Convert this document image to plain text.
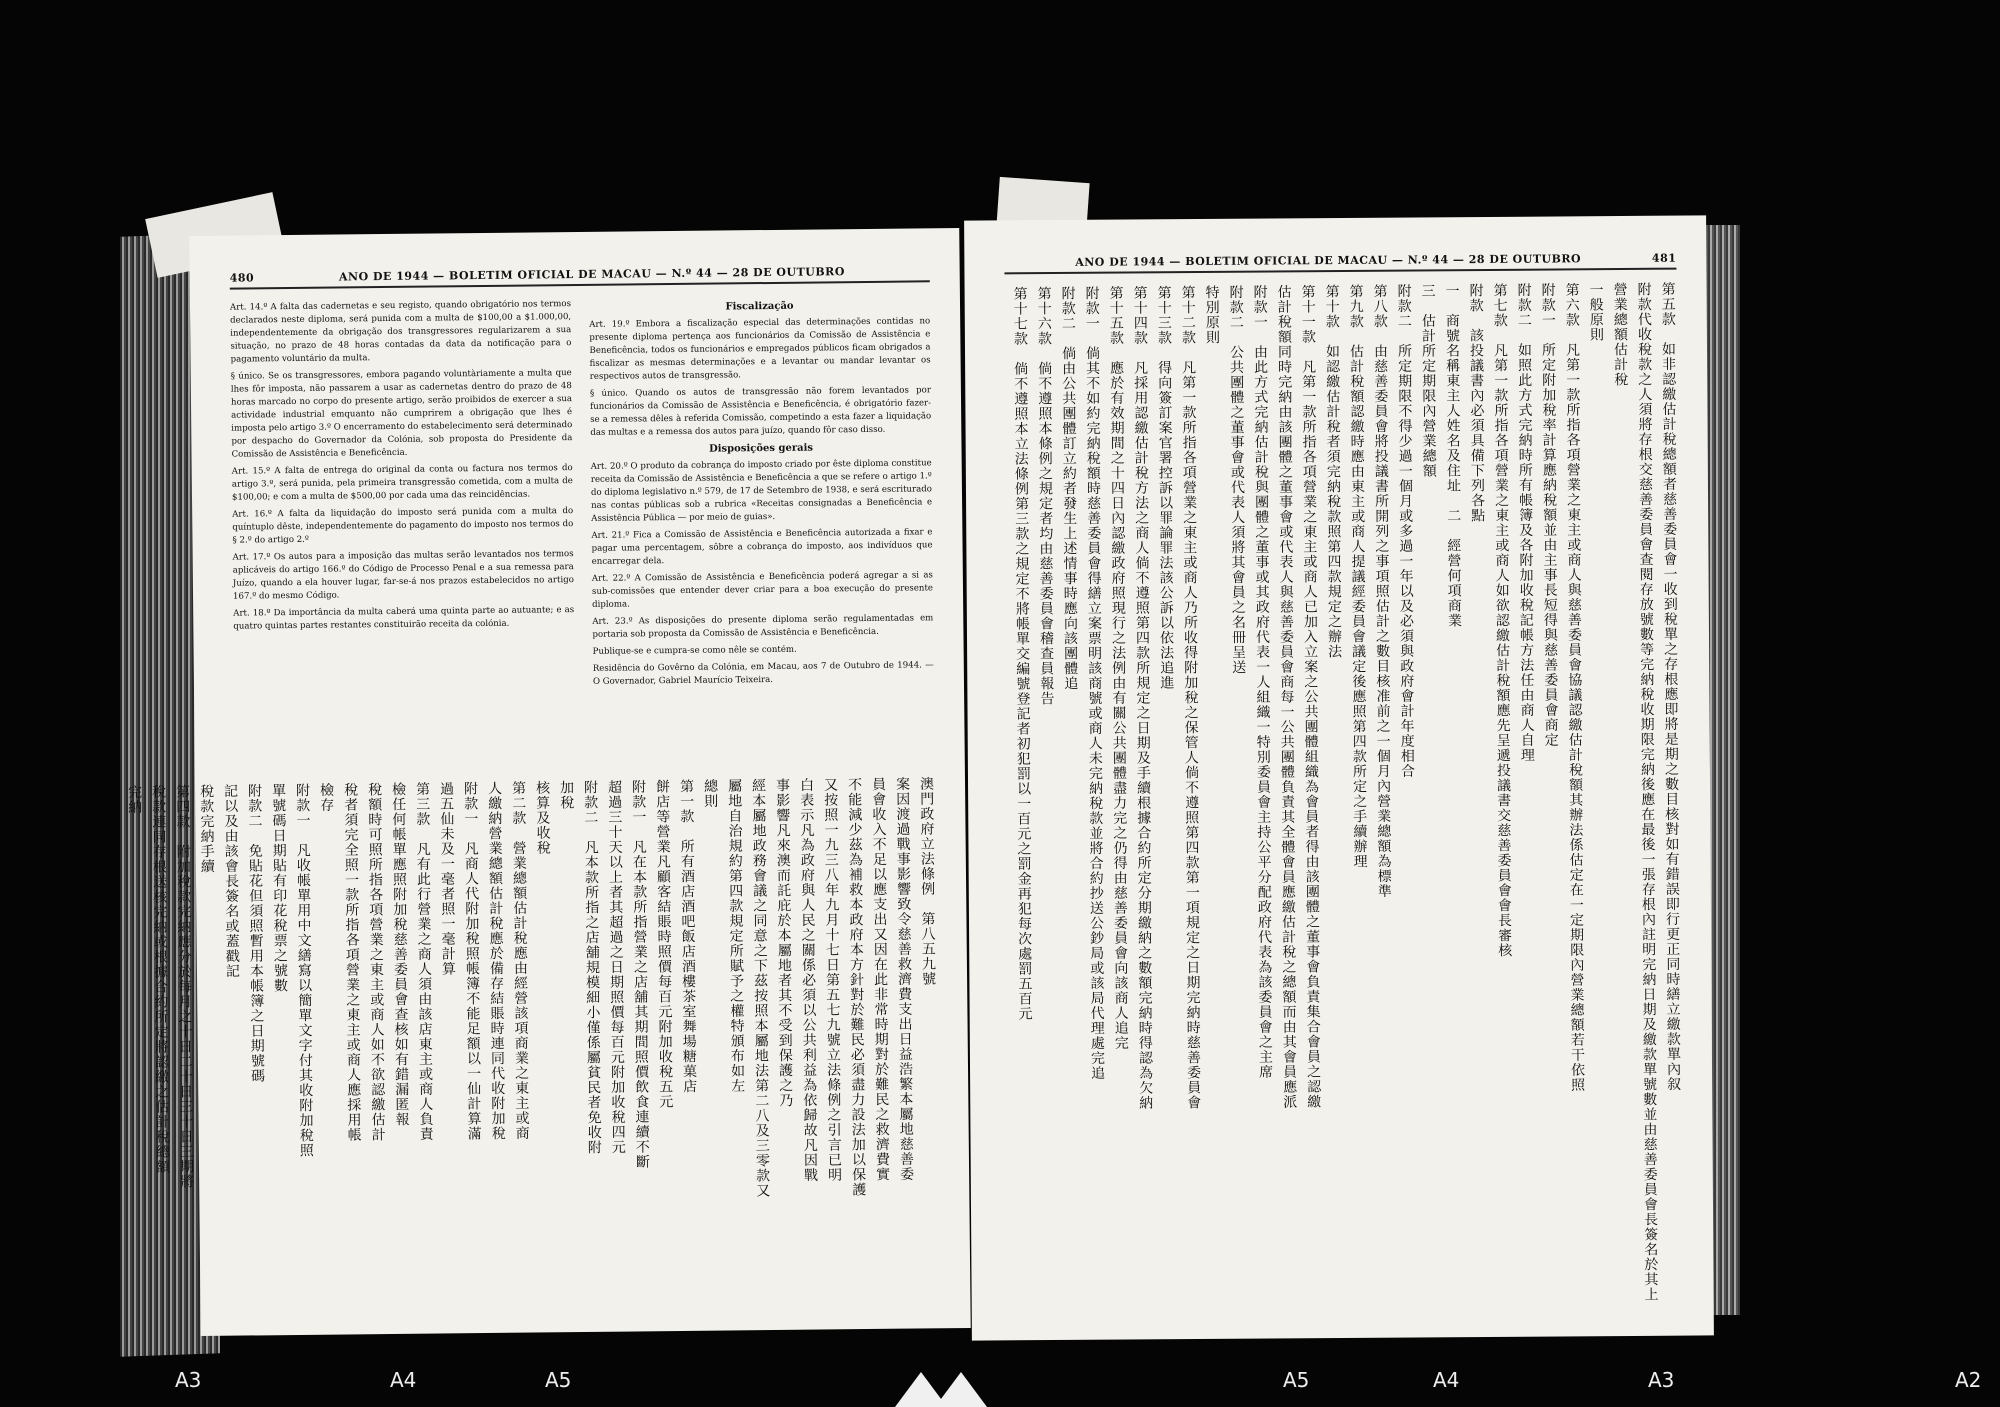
480	ANO DE 1944 — BOLETIM OFICIAL DE MACAU — N.º 44 — 28 DE OUTUBRO

Art. 14.º A falta das cadernetas e seu registo, quando obrigatório nos termos declarados neste diploma, será punida com a multa de $100,00 a $1.000,00, independentemente da obrigação dos transgressores regularizarem a sua situação, no prazo de 48 horas contadas da data da notificação para o pagamento voluntário da multa.

§ único. Se os transgressores, embora pagando voluntàriamente a multa que lhes fôr imposta, não passarem a usar as cadernetas dentro do prazo de 48 horas marcado no corpo do presente artigo, serão proibidos de exercer a sua actividade industrial emquanto não cumprirem a obrigação que lhes é imposta pelo artigo 3.º O encerramento do estabelecimento será determinado por despacho do Governador da Colónia, sob proposta do Presidente da Comissão de Assistência e Beneficência.

Art. 15.º A falta de entrega do original da conta ou factura nos termos do artigo 3.º, será punida, pela primeira transgressão cometida, com a multa de $100,00; e com a multa de $500,00 por cada uma das reincidências.

Art. 16.º A falta da liquidação do imposto será punida com a multa do quíntuplo dêste, independentemente do pagamento do imposto nos termos do § 2.º do artigo 2.º

Art. 17.º Os autos para a imposição das multas serão levantados nos termos aplicáveis do artigo 166.º do Código de Processo Penal e a sua remessa para Juízo, quando a ela houver lugar, far-se-á nos prazos estabelecidos no artigo 167.º do mesmo Código.

Art. 18.º Da importância da multa caberá uma quinta parte ao autuante; e as quatro quintas partes restantes constituirão receita da colónia.

Fiscalização

Art. 19.º Embora a fiscalização especial das determinações contidas no presente diploma pertença aos funcionários da Comissão de Assistência e Beneficência, todos os funcionários e empregados públicos ficam obrigados a fiscalizar as mesmas determinações e a levantar ou mandar levantar os respectivos autos de transgressão.

§ único. Quando os autos de transgressão não forem levantados por funcionários da Comissão de Assistência e Beneficência, é obrigatório fazer-se a remessa dêles à referida Comissão, competindo a esta fazer a liquidação das multas e a remessa dos autos para juízo, quando fôr caso disso.

Disposições gerais

Art. 20.º O produto da cobrança do imposto criado por êste diploma constitue receita da Comissão de Assistência e Beneficência a que se refere o artigo 1.º do diploma legislativo n.º 579, de 17 de Setembro de 1938, e será escriturado nas contas públicas sob a rubrica «Receitas consignadas a Beneficência e Assistência Pública — por meio de guias».

Art. 21.º Fica a Comissão de Assistência e Beneficência autorizada a fixar e pagar uma percentagem, sôbre a cobrança do imposto, aos indivíduos que encarregar dela.

Art. 22.º A Comissão de Assistência e Beneficência poderá agregar a si as sub-comissões que entender dever criar para a boa execução do presente diploma.

Art. 23.º As disposições do presente diploma serão regulamentadas em portaria sob proposta da Comissão de Assistência e Beneficência.

Publique-se e cumpra-se como nêle se contém.

Residência do Govêrno da Colónia, em Macau, aos 7 de Outubro de 1944. — O Governador, Gabriel Maurício Teixeira.

澳門政府立法條例　第八五九號
案因渡過戰事影響致令慈善救濟費支出日益浩繁本屬地慈善委
員會收入不足以應支出又因在此非常時期對於難民之救濟費實
不能減少茲為補救本政府本方針對於難民必須盡力設法加以保護
又按照一九三八年九月十七日第五七九號立法條例之引言已明
白表示凡為政府與人民之關係必須以公共利益為依歸故凡因戰
事影響凡來澳而託庇於本屬地者其不受到保護之乃
經本屬地政務會議之同意之下茲按照本屬地法第二八及三零款又
屬地自治規約第四款規定所賦予之權特頒布如左
總則
第一款　所有酒店酒吧飯店酒樓茶室舞場糖菓店
餅店等營業凡顧客結賬時照價每百元附加收稅五元
附款一　凡在本款所指營業之店舖其期間照價飲食連續不斷
超過三十天以上者其超過之日期照價每百元附加收稅四元
附款二　凡本款所指之店舖規模細小僅係屬貧民者免收附
加稅
核算及收稅
第二款　營業總額估計稅應由經營該項商業之東主或商
人繳納營業總額估計稅應於備存結賬時連同代收附加稅
附款一　凡商人代附加稅照帳簿不能足額以一仙計算滿
過五仙未及一毫者照一毫計算
第三款　凡有此行營業之商人須由該店東主或商人負責
檢任何帳單應照附加稅慈善委員會查核如有錯漏匿報
稅額時可照所指各項營業之東主或商人如不欲認繳估計
稅者須完全照一款所指各項營業之東主或商人應採用帳
檢存
附款一　凡收帳單用中文繕寫以簡單文字付其收附加稅照
單號碼日期貼有印花稅票之號數
附款二　免貼花但須照暫用本帳簿之日期號碼
記以及由該會長簽名或蓋戳記
稅款完納手續
第四款　附加稅款完納應分於每月之十日二十日三十日三期將
稅款連同存根送核完納或根據合約所定將認繳之估計稅總額
完納
ANO DE 1944 — BOLETIM OFICIAL DE MACAU — N.º 44 — 28 DE OUTUBRO	481
第五款　如非認繳估計稅總額者慈善委員會一收到稅單之存根應即將是期之數目核對如有錯誤即行更正同時繕立繳款單內叙
附款代收稅款之人須將存根交慈善委員會查閱存放號數等完納稅收期限完納後應在最後一張存根內註明完納日期及繳款單號數並由慈善委員會長簽名於其上
營業總額估計稅
一般原則
第六款　凡第一款所指各項營業之東主或商人與慈善委員會協議認繳估計稅額其辦法係估定在一定期限內營業總額若干依照
附款一　所定附加稅率計算應納稅額並由主事長短得與慈善委員會商定
附款二　如照此方式完納時所有帳簿及各附加收稅記帳方法任由商人自理
第七款　凡第一款所指各項營業之東主或商人如欲認繳估計稅額應先呈遞投議書交慈善委員會會長審核
附款　該投議書內必須具備下列各點
一　商號名稱東主人姓名及住址　二　經營何項商業
三　估計所定期限內營業總額
附款二　所定期限不得少過一個月或多過一年以及必須與政府會計年度相合
第八款　由慈善委員會將投議書所開列之事項照估計之數目核准前之一個月內營業總額為標準
第九款　估計稅額認繳時應由東主或商人提議經委員會議定後應照第四款所定之手續辦理
第十款　如認繳估計稅者須完納稅款照第四款規定之辦法
第十一款　凡第一款所指各項營業之東主或商人已加入立案之公共團體組織為會員者得由該團體之董事會負責集合會員之認繳
估計稅額同時完納由該團體之董事會或代表人與慈善委員會商每一公共團體負責其全體會員應繳估計稅之總額而由其會員應派
附款一　由此方式完納估計稅與團體之董事或其政府代表一人組織一特別委員會主持公平分配政府代表為該委員會之主席
附款二　公共團體之董事會或代表人須將其會員之名冊呈送
特別原則
第十二款　凡第一款所指各項營業之東主或商人乃所收得附加稅之保管人倘不遵照第四款第一項規定之日期完納時慈善委員會
第十三款　得向簽訂案官署控訴以罪論罪法該公訴以依法追進
第十四款　凡採用認繳估計稅方法之商人倘不遵照第四款所規定之日期及手續根據合約所定分期繳納之數額完納時得認為欠納
第十五款　應於有效期間之十四日內認繳政府照現行之法例由有關公共團體盡力完之仍得由慈善委員會向該商人追完
附款一　倘其不如約完納稅額時慈善委員會得繕立案票明該商號或商人未完納稅款並將合約抄送公鈔局或該局代理處完追
附款二　倘由公共團體訂立約者發生上述情事時應向該團體追
第十六款　倘不遵照本條例之規定者均由慈善委員會稽查員報告
第十七款　倘不遵照本立法條例第三款之規定不將帳單交編號登記者初犯罰以一百元之罰金再犯每次處罰五百元
A3	A4	A5	A5	A4	A3	A2
